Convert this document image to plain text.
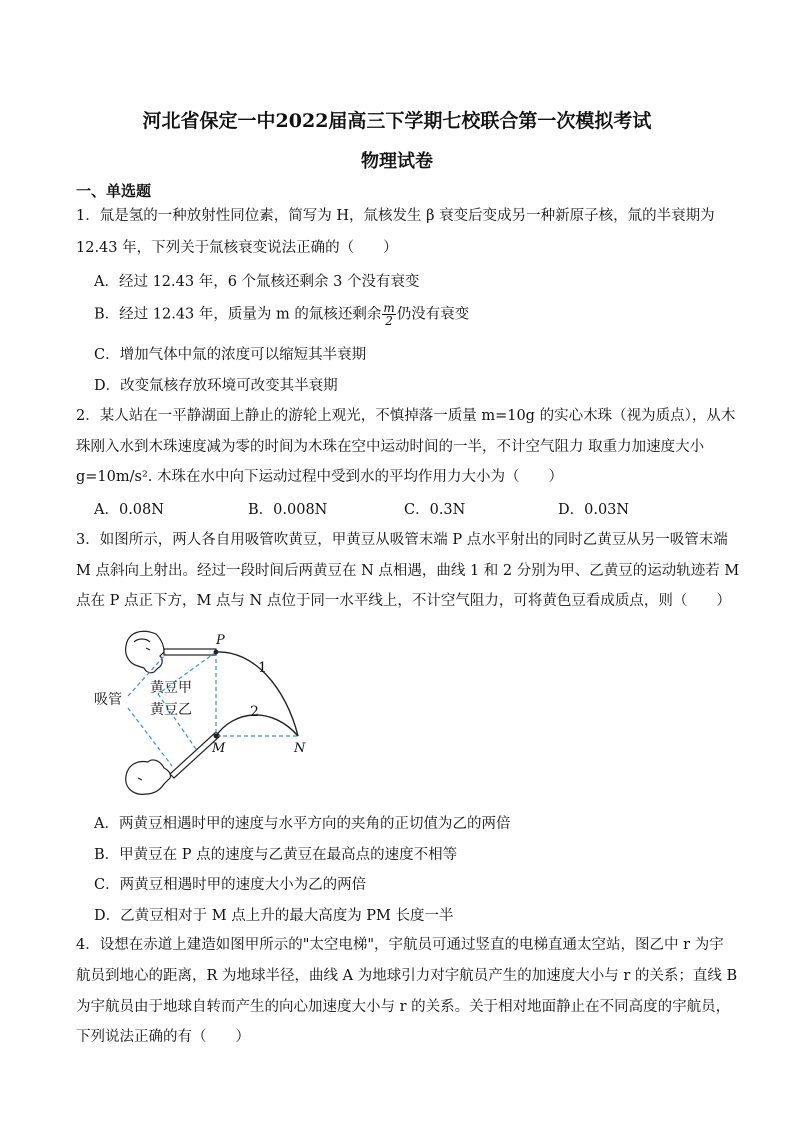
河北省保定一中2022届高三下学期七校联合第一次模拟考试
物理试卷
一、单选题
1．氚是氢的一种放射性同位素，简写为 H，氚核发生 β 衰变后变成另一种新原子核，氚的半衰期为
12.43 年，下列关于氚核衰变说法正确的（　　）
A．经过 12.43 年，6 个氚核还剩余 3 个没有衰变
B．经过 12.43 年，质量为 m 的氚核还剩余 $\frac{m}{2}$ 仍没有衰变
C．增加气体中氚的浓度可以缩短其半衰期
D．改变氚核存放环境可改变其半衰期
2．某人站在一平静湖面上静止的游轮上观光，不慎掉落一质量 m=10g 的实心木珠（视为质点），从木
珠刚入水到木珠速度减为零的时间为木珠在空中运动时间的一半，不计空气阻力 取重力加速度大小
g=10m/s². 木珠在水中向下运动过程中受到水的平均作用力大小为（　　）
A．0.08N	B．0.008N	C．0.3N	D．0.03N
3．如图所示，两人各自用吸管吹黄豆，甲黄豆从吸管末端 P 点水平射出的同时乙黄豆从另一吸管末端
M 点斜向上射出。经过一段时间后两黄豆在 N 点相遇，曲线 1 和 2 分别为甲、乙黄豆的运动轨迹若 M
点在 P 点正下方，M 点与 N 点位于同一水平线上，不计空气阻力，可将黄色豆看成质点，则（　　）
P
M	N
1
2
吸管
黄豆甲
黄豆乙
A．两黄豆相遇时甲的速度与水平方向的夹角的正切值为乙的两倍
B．甲黄豆在 P 点的速度与乙黄豆在最高点的速度不相等
C．两黄豆相遇时甲的速度大小为乙的两倍
D．乙黄豆相对于 M 点上升的最大高度为 PM 长度一半
4．设想在赤道上建造如图甲所示的"太空电梯"，宇航员可通过竖直的电梯直通太空站，图乙中 r 为宇
航员到地心的距离，R 为地球半径，曲线 A 为地球引力对宇航员产生的加速度大小与 r 的关系；直线 B
为宇航员由于地球自转而产生的向心加速度大小与 r 的关系。关于相对地面静止在不同高度的宇航员，
下列说法正确的有（　　）
